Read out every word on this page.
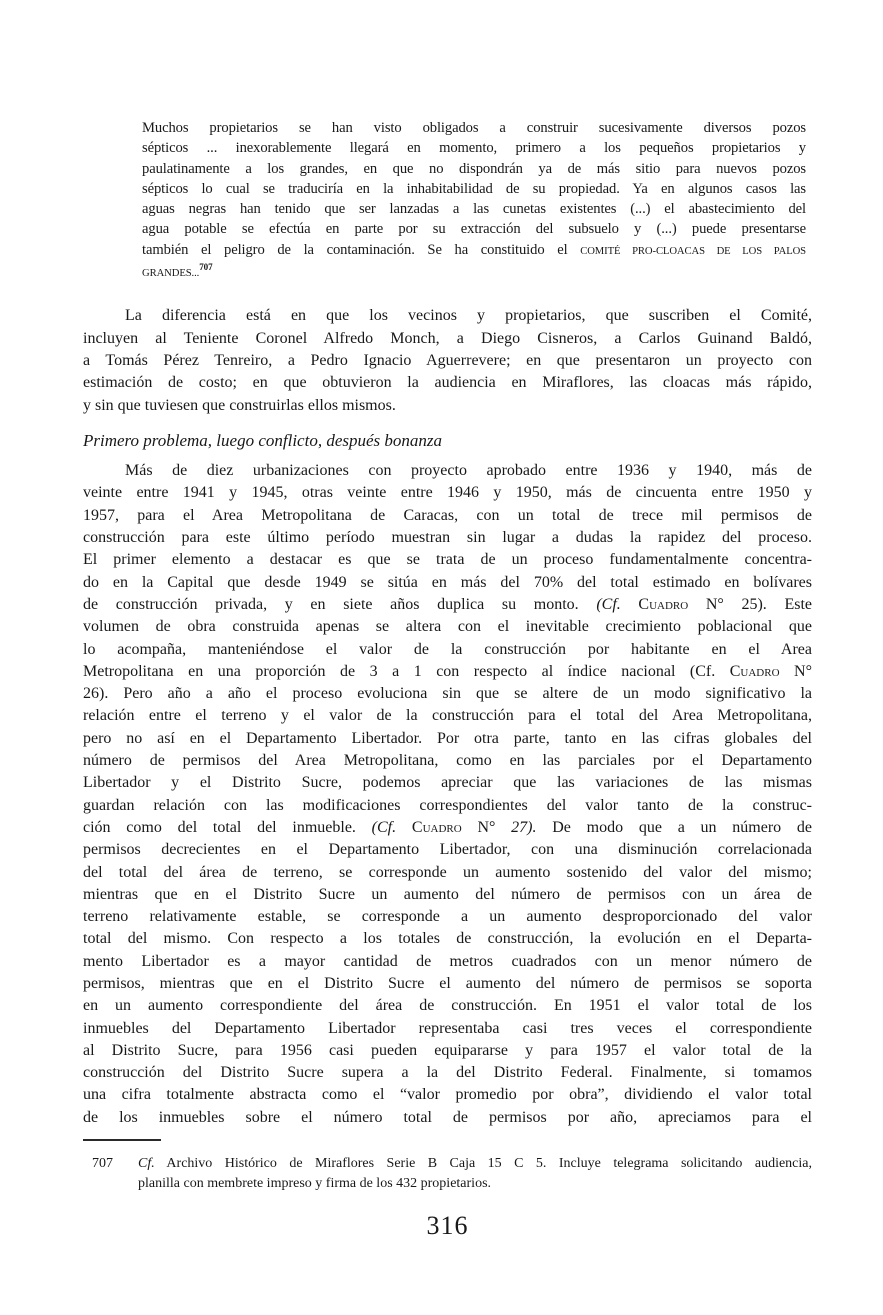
Muchos propietarios se han visto obligados a construir sucesivamente diversos pozos
sépticos ... inexorablemente llegará en momento, primero a los pequeños propietarios y
paulatinamente a los grandes, en que no dispondrán ya de más sitio para nuevos pozos
sépticos lo cual se traduciría en la inhabitabilidad de su propiedad. Ya en algunos casos las
aguas negras han tenido que ser lanzadas a las cunetas existentes (...) el abastecimiento del
agua potable se efectúa en parte por su extracción del subsuelo y (...) puede presentarse
también el peligro de la contaminación. Se ha constituido el COMITÉ PRO-CLOACAS DE LOS PALOS
GRANDES...$^{707}$
La diferencia está en que los vecinos y propietarios, que suscriben el Comité,
incluyen al Teniente Coronel Alfredo Monch, a Diego Cisneros, a Carlos Guinand Baldó,
a Tomás Pérez Tenreiro, a Pedro Ignacio Aguerrevere; en que presentaron un proyecto con
estimación de costo; en que obtuvieron la audiencia en Miraflores, las cloacas más rápido,
y sin que tuviesen que construirlas ellos mismos.
Primero problema, luego conflicto, después bonanza
Más de diez urbanizaciones con proyecto aprobado entre 1936 y 1940, más de
veinte entre 1941 y 1945, otras veinte entre 1946 y 1950, más de cincuenta entre 1950 y
1957, para el Area Metropolitana de Caracas, con un total de trece mil permisos de
construcción para este último período muestran sin lugar a dudas la rapidez del proceso.
El primer elemento a destacar es que se trata de un proceso fundamentalmente concentra-
do en la Capital que desde 1949 se sitúa en más del 70% del total estimado en bolívares
de construcción privada, y en siete años duplica su monto. (Cf. Cuadro N° 25). Este
volumen de obra construida apenas se altera con el inevitable crecimiento poblacional que
lo acompaña, manteniéndose el valor de la construcción por habitante en el Area
Metropolitana en una proporción de 3 a 1 con respecto al índice nacional (Cf. Cuadro N°
26). Pero año a año el proceso evoluciona sin que se altere de un modo significativo la
relación entre el terreno y el valor de la construcción para el total del Area Metropolitana,
pero no así en el Departamento Libertador. Por otra parte, tanto en las cifras globales del
número de permisos del Area Metropolitana, como en las parciales por el Departamento
Libertador y el Distrito Sucre, podemos apreciar que las variaciones de las mismas
guardan relación con las modificaciones correspondientes del valor tanto de la construc-
ción como del total del inmueble. (Cf. Cuadro N° 27). De modo que a un número de
permisos decrecientes en el Departamento Libertador, con una disminución correlacionada
del total del área de terreno, se corresponde un aumento sostenido del valor del mismo;
mientras que en el Distrito Sucre un aumento del número de permisos con un área de
terreno relativamente estable, se corresponde a un aumento desproporcionado del valor
total del mismo. Con respecto a los totales de construcción, la evolución en el Departa-
mento Libertador es a mayor cantidad de metros cuadrados con un menor número de
permisos, mientras que en el Distrito Sucre el aumento del número de permisos se soporta
en un aumento correspondiente del área de construcción. En 1951 el valor total de los
inmuebles del Departamento Libertador representaba casi tres veces el correspondiente
al Distrito Sucre, para 1956 casi pueden equipararse y para 1957 el valor total de la
construcción del Distrito Sucre supera a la del Distrito Federal. Finalmente, si tomamos
una cifra totalmente abstracta como el “valor promedio por obra”, dividiendo el valor total
de los inmuebles sobre el número total de permisos por año, apreciamos para el
707	Cf. Archivo Histórico de Miraflores Serie B Caja 15 C 5. Incluye telegrama solicitando audiencia,
planilla con membrete impreso y firma de los 432 propietarios.
316
